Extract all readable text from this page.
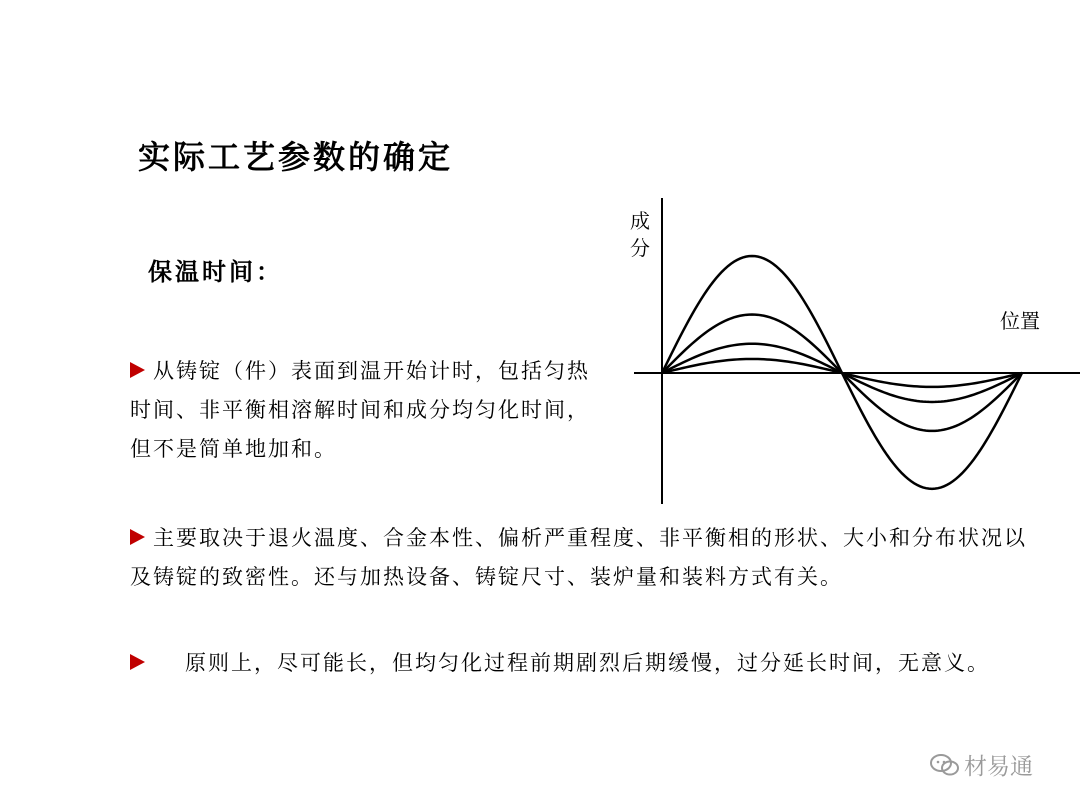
实际工艺参数的确定
保温时间：
从铸锭（件）表面到温开始计时，包括匀热时间、非平衡相溶解时间和成分均匀化时间，但不是简单地加和。
主要取决于退火温度、合金本性、偏析严重程度、非平衡相的形状、大小和分布状况以及铸锭的致密性。还与加热设备、铸锭尺寸、装炉量和装料方式有关。
原则上，尽可能长，但均匀化过程前期剧烈后期缓慢，过分延长时间，无意义。
成
分
位置
材易通
